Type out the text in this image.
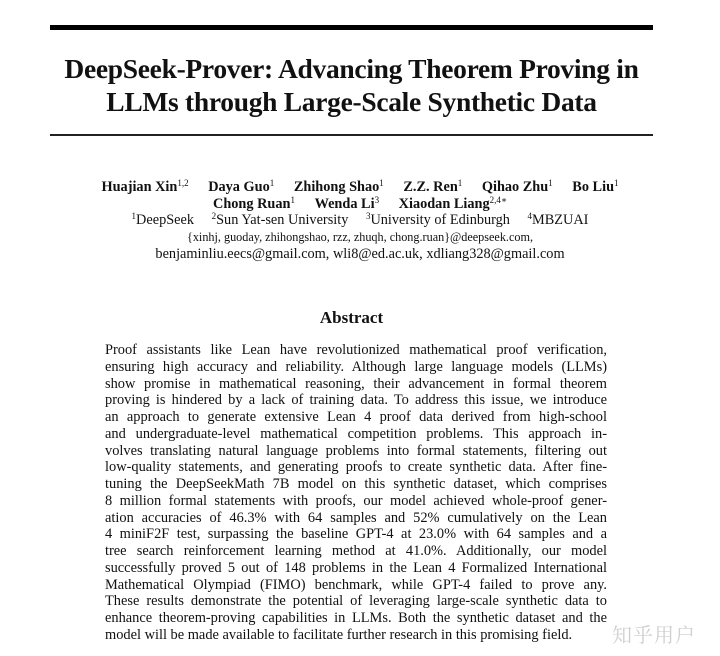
DeepSeek-Prover: Advancing Theorem Proving in
LLMs through Large-Scale Synthetic Data
Huajian Xin$^{1,2}$ Daya Guo$^1$ Zhihong Shao$^1$ Z.Z. Ren$^1$ Qihao Zhu$^1$ Bo Liu$^1$
Chong Ruan$^1$ Wenda Li$^3$ Xiaodan Liang$^{2,4∗}$
$^1$DeepSeek $^2$Sun Yat-sen University $^3$University of Edinburgh $^4$MBZUAI
{xinhj, guoday, zhihongshao, rzz, zhuqh, chong.ruan}@deepseek.com,
benjaminliu.eecs@gmail.com, wli8@ed.ac.uk, xdliang328@gmail.com
Abstract
Proof assistants like Lean have revolutionized mathematical proof verification,
ensuring high accuracy and reliability. Although large language models (LLMs)
show promise in mathematical reasoning, their advancement in formal theorem
proving is hindered by a lack of training data. To address this issue, we introduce
an approach to generate extensive Lean 4 proof data derived from high-school
and undergraduate-level mathematical competition problems. This approach in-
volves translating natural language problems into formal statements, filtering out
low-quality statements, and generating proofs to create synthetic data. After fine-
tuning the DeepSeekMath 7B model on this synthetic dataset, which comprises
8 million formal statements with proofs, our model achieved whole-proof gener-
ation accuracies of 46.3% with 64 samples and 52% cumulatively on the Lean
4 miniF2F test, surpassing the baseline GPT-4 at 23.0% with 64 samples and a
tree search reinforcement learning method at 41.0%. Additionally, our model
successfully proved 5 out of 148 problems in the Lean 4 Formalized International
Mathematical Olympiad (FIMO) benchmark, while GPT-4 failed to prove any.
These results demonstrate the potential of leveraging large-scale synthetic data to
enhance theorem-proving capabilities in LLMs. Both the synthetic dataset and the
model will be made available to facilitate further research in this promising field.	知乎用户
